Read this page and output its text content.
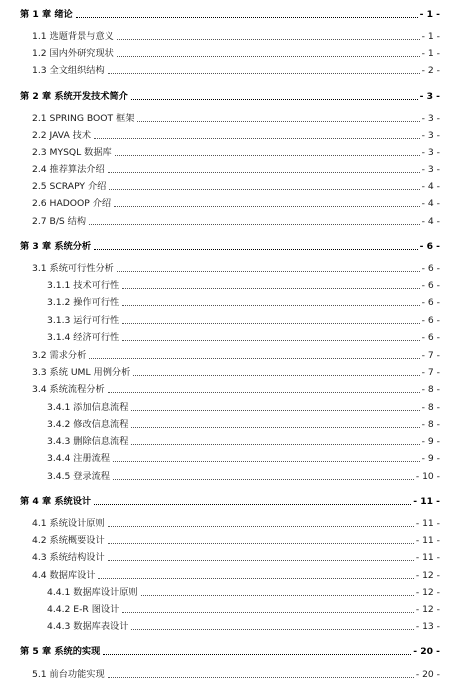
第 1 章 绪论	- 1 -
1.1 选题背景与意义	- 1 -
1.2 国内外研究现状	- 1 -
1.3 全文组织结构	- 2 -
第 2 章 系统开发技术简介	- 3 -
2.1 SPRING BOOT 框架	- 3 -
2.2 JAVA 技术	- 3 -
2.3 MYSQL 数据库	- 3 -
2.4 推荐算法介绍	- 3 -
2.5 SCRAPY 介绍	- 4 -
2.6 HADOOP 介绍	- 4 -
2.7 B/S 结构	- 4 -
第 3 章 系统分析	- 6 -
3.1 系统可行性分析	- 6 -
3.1.1 技术可行性	- 6 -
3.1.2 操作可行性	- 6 -
3.1.3 运行可行性	- 6 -
3.1.4 经济可行性	- 6 -
3.2 需求分析	- 7 -
3.3 系统 UML 用例分析	- 7 -
3.4 系统流程分析	- 8 -
3.4.1 添加信息流程	- 8 -
3.4.2 修改信息流程	- 8 -
3.4.3 删除信息流程	- 9 -
3.4.4 注册流程	- 9 -
3.4.5 登录流程	- 10 -
第 4 章 系统设计	- 11 -
4.1 系统设计原则	- 11 -
4.2 系统概要设计	- 11 -
4.3 系统结构设计	- 11 -
4.4 数据库设计	- 12 -
4.4.1 数据库设计原则	- 12 -
4.4.2 E-R 图设计	- 12 -
4.4.3 数据库表设计	- 13 -
第 5 章 系统的实现	- 20 -
5.1 前台功能实现	- 20 -
